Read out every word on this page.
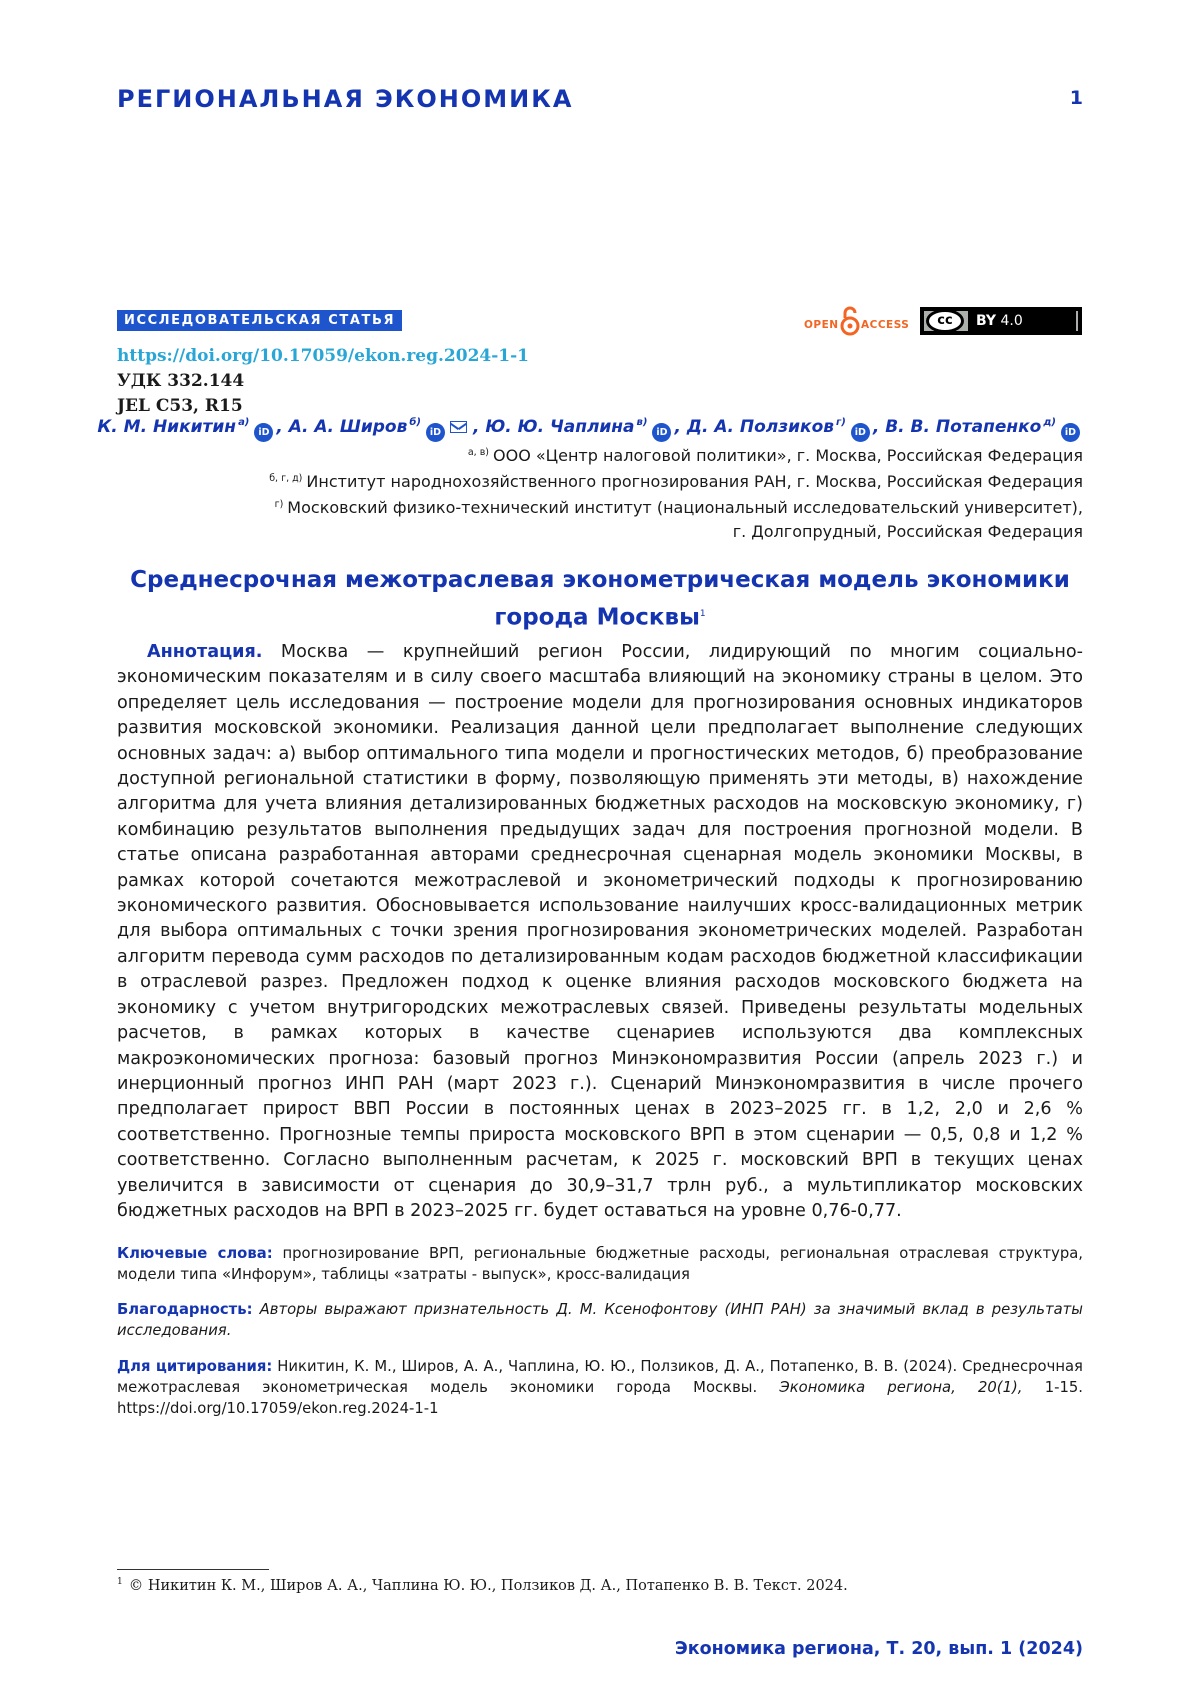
РЕГИОНАЛЬНАЯ ЭКОНОМИКА	1
ИССЛЕДОВАТЕЛЬСКАЯ СТАТЬЯ	OPEN ACCESS	cc	BY 4.0
https://doi.org/10.17059/ekon.reg.2024-1-1
УДК 332.144
JEL C53, R15
К. М. Никитин а)iD , А. А. Широв б)iD , Ю. Ю. Чаплина в)iD , Д. А. Ползиков г)iD , В. В. Потапенко д)iD
а, в) ООО «Центр налоговой политики», г. Москва, Российская Федерация
б, г, д) Институт народнохозяйственного прогнозирования РАН, г. Москва, Российская Федерация
г) Московский физико-технический институт (национальный исследовательский университет),
г. Долгопрудный, Российская Федерация
Среднесрочная межотраслевая эконометрическая модель экономики
города Москвы1
Аннотация. Москва — крупнейший регион России, лидирующий по многим социально-экономическим показателям и в силу своего масштаба влияющий на экономику страны в целом. Это определяет цель исследования — построение модели для прогнозирования основных индикаторов развития московской экономики. Реализация данной цели предполагает выполнение следующих основных задач: а) выбор оптимального типа модели и прогностических методов, б) преобразование доступной региональной статистики в форму, позволяющую применять эти методы, в) нахождение алгоритма для учета влияния детализированных бюджетных расходов на московскую экономику, г) комбинацию результатов выполнения предыдущих задач для построения прогнозной модели. В статье описана разработанная авторами среднесрочная сценарная модель экономики Москвы, в рамках которой сочетаются межотраслевой и эконометрический подходы к прогнозированию экономического развития. Обосновывается использование наилучших кросс-валидационных метрик для выбора оптимальных с точки зрения прогнозирования эконометрических моделей. Разработан алгоритм перевода сумм расходов по детализированным кодам расходов бюджетной классификации в отраслевой разрез. Предложен подход к оценке влияния расходов московского бюджета на экономику с учетом внутригородских межотраслевых связей. Приведены результаты модельных расчетов, в рамках которых в качестве сценариев используются два комплексных макроэкономических прогноза: базовый прогноз Минэкономразвития России (апрель 2023 г.) и инерционный прогноз ИНП РАН (март 2023 г.). Сценарий Минэкономразвития в числе прочего предполагает прирост ВВП России в постоянных ценах в 2023–2025 гг. в 1,2, 2,0 и 2,6 % соответственно. Прогнозные темпы прироста московского ВРП в этом сценарии — 0,5, 0,8 и 1,2 % соответственно. Согласно выполненным расчетам, к 2025 г. московский ВРП в текущих ценах увеличится в зависимости от сценария до 30,9–31,7 трлн руб., а мультипликатор московских бюджетных расходов на ВРП в 2023–2025 гг. будет оставаться на уровне 0,76-0,77.
Ключевые слова: прогнозирование ВРП, региональные бюджетные расходы, региональная отраслевая структура, модели типа «Инфорум», таблицы «затраты - выпуск», кросс-валидация
Благодарность: Авторы выражают признательность Д. М. Ксенофонтову (ИНП РАН) за значимый вклад в результаты исследования.
Для цитирования: Никитин, К. М., Широв, А. А., Чаплина, Ю. Ю., Ползиков, Д. А., Потапенко, В. В. (2024). Среднесрочная межотраслевая эконометрическая модель экономики города Москвы. Экономика региона, 20(1), 1-15. https://doi.org/10.17059/ekon.reg.2024-1-1
1 © Никитин К. М., Широв А. А., Чаплина Ю. Ю., Ползиков Д. А., Потапенко В. В. Текст. 2024.
Экономика региона, Т. 20, вып. 1 (2024)
